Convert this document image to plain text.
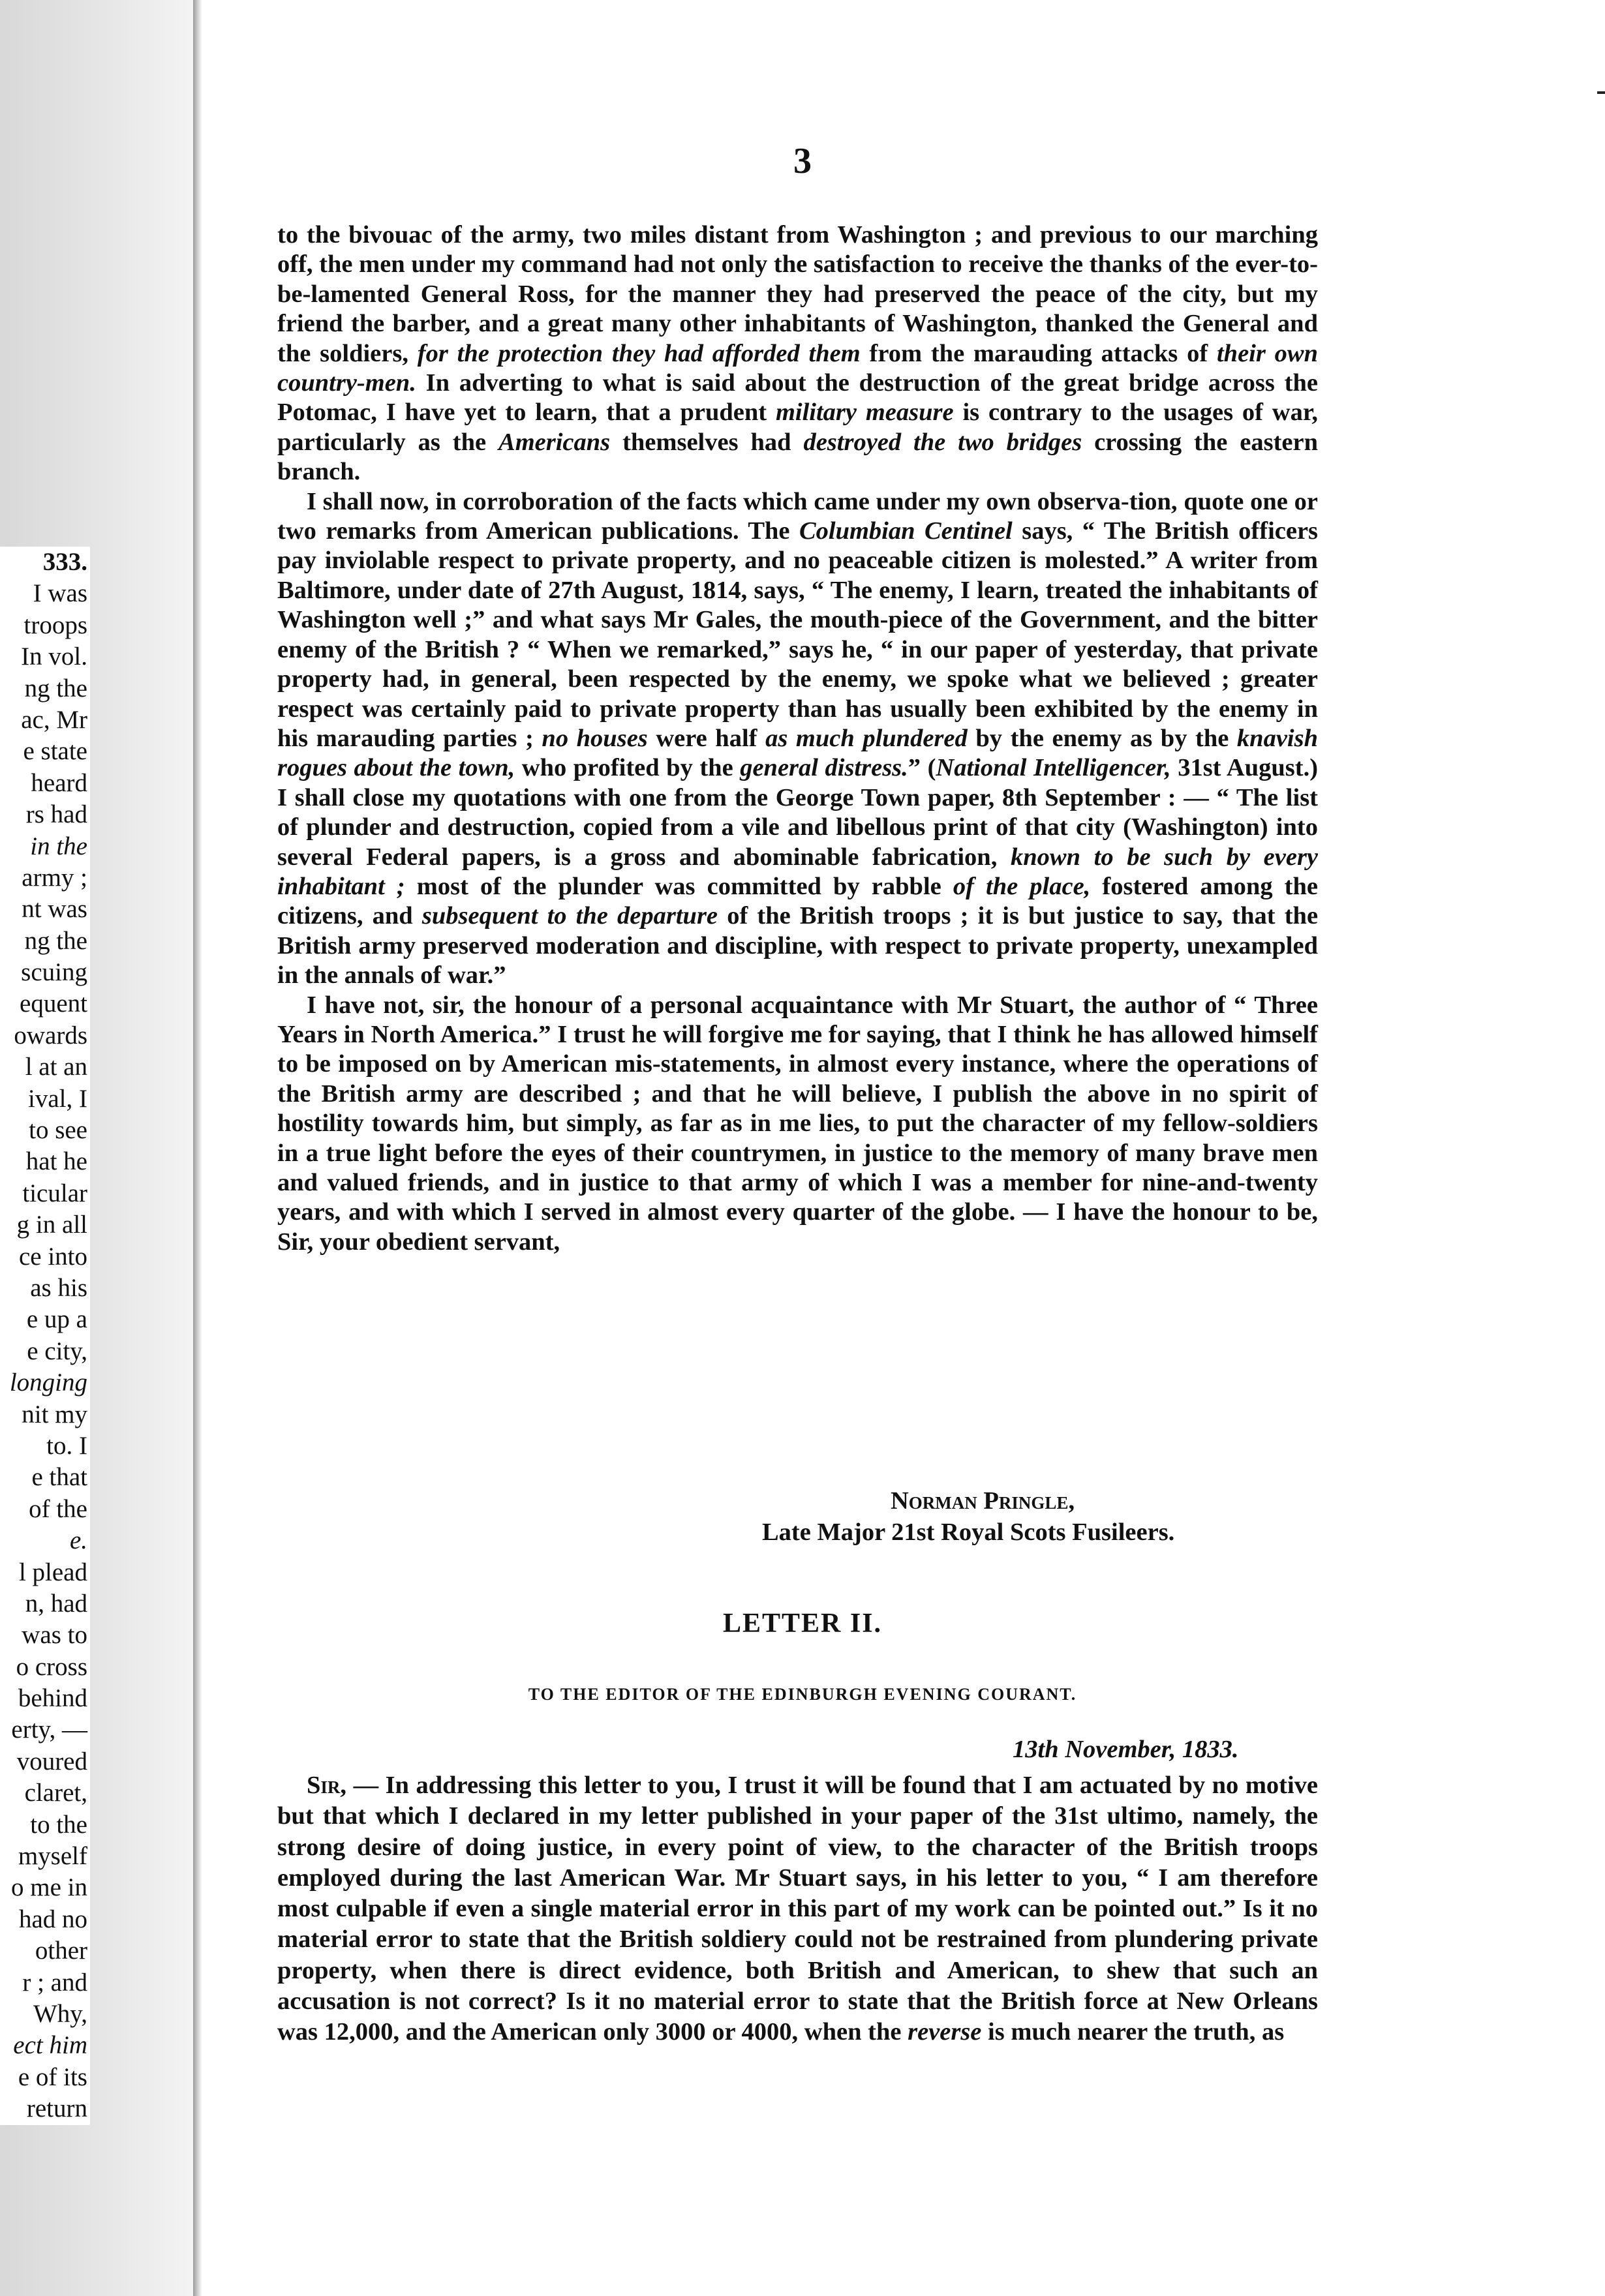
333.
I was
troops
In vol.
ng the
ac, Mr
e state
heard
rs had
in the
army ;
nt was
ng the
scuing
equent
owards
l at an
ival, I
to see
hat he
ticular
g in all
ce into
as his
e up a
e city,
longing
nit my
to. I
e that
of the
e.
l plead
n, had
was to
o cross
behind
erty, —
voured
claret,
to the
myself
o me in
had no
other
r ; and
Why,
ect him
e of its
return
3

to the bivouac of the army, two miles distant from Washington ; and previous to our marching off, the men under my command had not only the satisfaction to receive the thanks of the ever-to-be-lamented General Ross, for the manner they had preserved the peace of the city, but my friend the barber, and a great many other inhabitants of Washington, thanked the General and the soldiers, for the protection they had afforded them from the marauding attacks of their own country-men. In adverting to what is said about the destruction of the great bridge across the Potomac, I have yet to learn, that a prudent military measure is contrary to the usages of war, particularly as the Americans themselves had destroyed the two bridges crossing the eastern branch.

I shall now, in corroboration of the facts which came under my own observa-tion, quote one or two remarks from American publications. The Columbian Centinel says, “ The British officers pay inviolable respect to private property, and no peaceable citizen is molested.” A writer from Baltimore, under date of 27th August, 1814, says, “ The enemy, I learn, treated the inhabitants of Washington well ;” and what says Mr Gales, the mouth-piece of the Government, and the bitter enemy of the British ? “ When we remarked,” says he, “ in our paper of yesterday, that private property had, in general, been respected by the enemy, we spoke what we believed ; greater respect was certainly paid to private property than has usually been exhibited by the enemy in his marauding parties ; no houses were half as much plundered by the enemy as by the knavish rogues about the town, who profited by the general distress.” (National Intelligencer, 31st August.) I shall close my quotations with one from the George Town paper, 8th September : — “ The list of plunder and destruction, copied from a vile and libellous print of that city (Washington) into several Federal papers, is a gross and abominable fabrication, known to be such by every inhabitant ; most of the plunder was committed by rabble of the place, fostered among the citizens, and subsequent to the departure of the British troops ; it is but justice to say, that the British army preserved moderation and discipline, with respect to private property, unexampled in the annals of war.”

I have not, sir, the honour of a personal acquaintance with Mr Stuart, the author of “ Three Years in North America.” I trust he will forgive me for saying, that I think he has allowed himself to be imposed on by American mis-statements, in almost every instance, where the operations of the British army are described ; and that he will believe, I publish the above in no spirit of hostility towards him, but simply, as far as in me lies, to put the character of my fellow-soldiers in a true light before the eyes of their countrymen, in justice to the memory of many brave men and valued friends, and in justice to that army of which I was a member for nine-and-twenty years, and with which I served in almost every quarter of the globe. — I have the honour to be, Sir, your obedient servant,

Norman Pringle,
Late Major 21st Royal Scots Fusileers.
LETTER II.
TO THE EDITOR OF THE EDINBURGH EVENING COURANT.
13th November, 1833.

Sir, — In addressing this letter to you, I trust it will be found that I am actuated by no motive but that which I declared in my letter published in your paper of the 31st ultimo, namely, the strong desire of doing justice, in every point of view, to the character of the British troops employed during the last American War. Mr Stuart says, in his letter to you, “ I am therefore most culpable if even a single material error in this part of my work can be pointed out.” Is it no material error to state that the British soldiery could not be restrained from plundering private property, when there is direct evidence, both British and American, to shew that such an accusation is not correct? Is it no material error to state that the British force at New Orleans was 12,000, and the American only 3000 or 4000, when the reverse is much nearer the truth, as
